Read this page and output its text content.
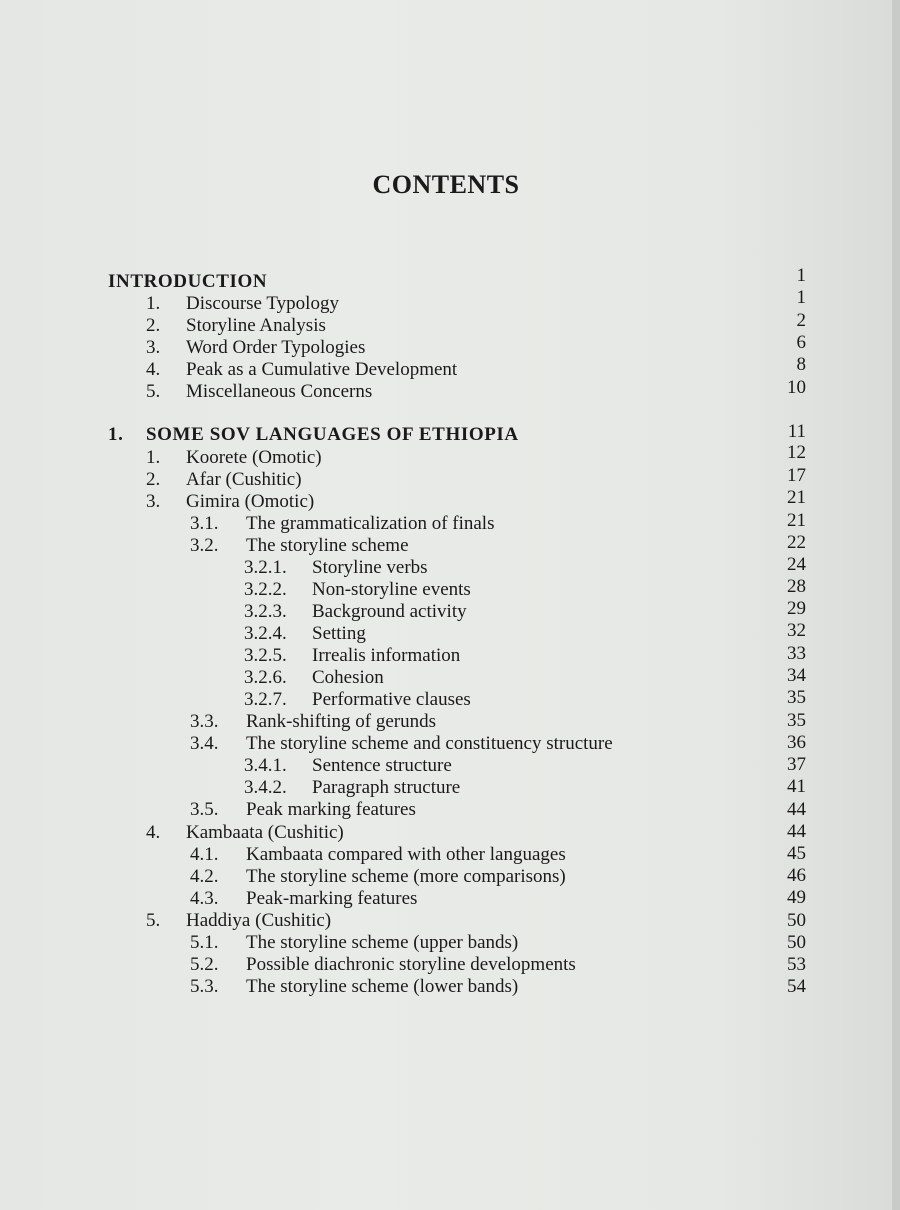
CONTENTS
INTRODUCTION	1
1. Discourse Typology	1
2. Storyline Analysis	2
3. Word Order Typologies	6
4. Peak as a Cumulative Development	8
5. Miscellaneous Concerns	10
1. SOME SOV LANGUAGES OF ETHIOPIA	11
1. Koorete (Omotic)	12
2. Afar (Cushitic)	17
3. Gimira (Omotic)	21
3.1. The grammaticalization of finals	21
3.2. The storyline scheme	22
3.2.1. Storyline verbs	24
3.2.2. Non-storyline events	28
3.2.3. Background activity	29
3.2.4. Setting	32
3.2.5. Irrealis information	33
3.2.6. Cohesion	34
3.2.7. Performative clauses	35
3.3. Rank-shifting of gerunds	35
3.4. The storyline scheme and constituency structure	36
3.4.1. Sentence structure	37
3.4.2. Paragraph structure	41
3.5. Peak marking features	44
4. Kambaata (Cushitic)	44
4.1. Kambaata compared with other languages	45
4.2. The storyline scheme (more comparisons)	46
4.3. Peak-marking features	49
5. Haddiya (Cushitic)	50
5.1. The storyline scheme (upper bands)	50
5.2. Possible diachronic storyline developments	53
5.3. The storyline scheme (lower bands)	54
